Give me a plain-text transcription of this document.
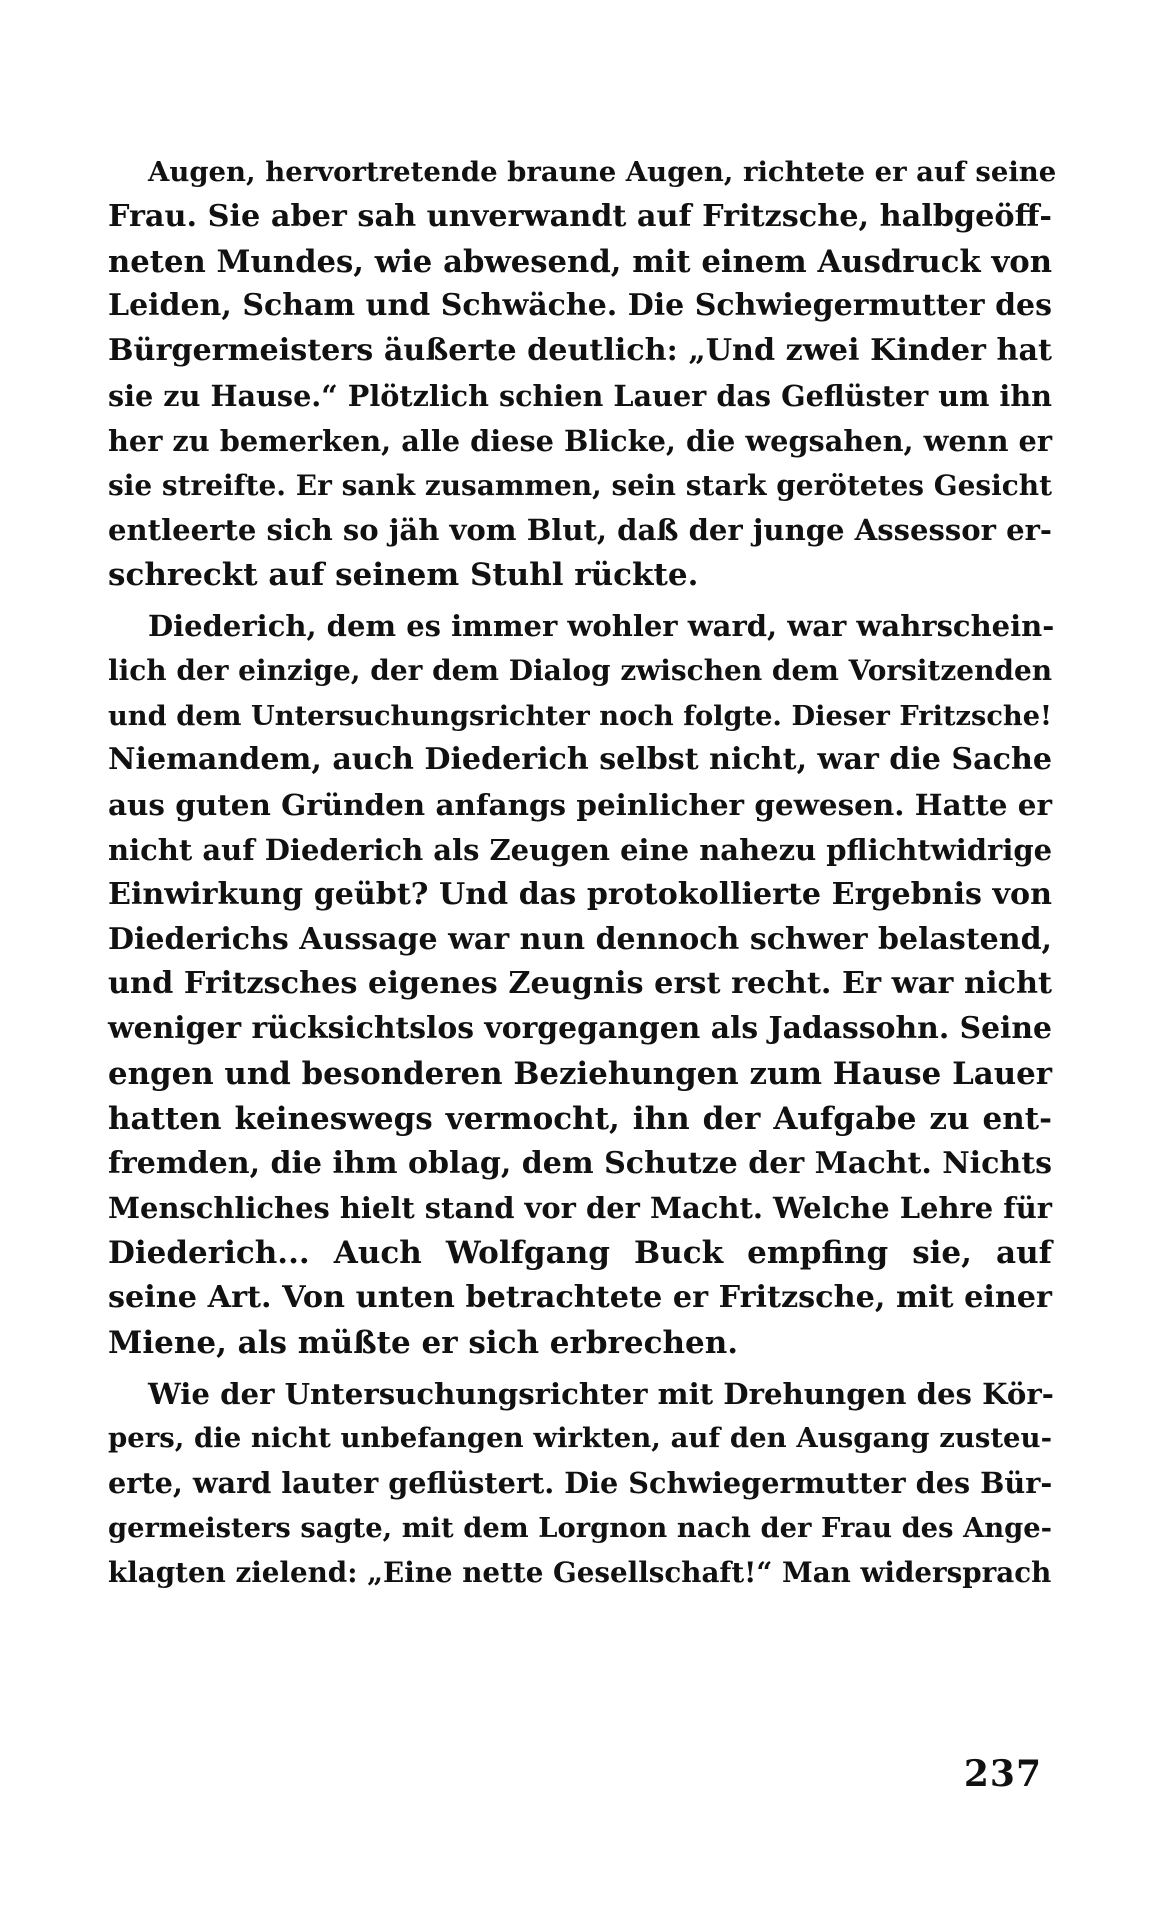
Augen, hervortretende braune Augen, richtete er auf seine
Frau. Sie aber sah unverwandt auf Fritzsche, halbgeöff-
neten Mundes, wie abwesend, mit einem Ausdruck von
Leiden, Scham und Schwäche. Die Schwiegermutter des
Bürgermeisters äußerte deutlich: „Und zwei Kinder hat
sie zu Hause.“ Plötzlich schien Lauer das Geflüster um ihn
her zu bemerken, alle diese Blicke, die wegsahen, wenn er
sie streifte. Er sank zusammen, sein stark gerötetes Gesicht
entleerte sich so jäh vom Blut, daß der junge Assessor er-
schreckt auf seinem Stuhl rückte.
Diederich, dem es immer wohler ward, war wahrschein-
lich der einzige, der dem Dialog zwischen dem Vorsitzenden
und dem Untersuchungsrichter noch folgte. Dieser Fritzsche!
Niemandem, auch Diederich selbst nicht, war die Sache
aus guten Gründen anfangs peinlicher gewesen. Hatte er
nicht auf Diederich als Zeugen eine nahezu pflichtwidrige
Einwirkung geübt? Und das protokollierte Ergebnis von
Diederichs Aussage war nun dennoch schwer belastend,
und Fritzsches eigenes Zeugnis erst recht. Er war nicht
weniger rücksichtslos vorgegangen als Jadassohn. Seine
engen und besonderen Beziehungen zum Hause Lauer
hatten keineswegs vermocht, ihn der Aufgabe zu ent-
fremden, die ihm oblag, dem Schutze der Macht. Nichts
Menschliches hielt stand vor der Macht. Welche Lehre für
Diederich... Auch Wolfgang Buck empfing sie, auf
seine Art. Von unten betrachtete er Fritzsche, mit einer
Miene, als müßte er sich erbrechen.
Wie der Untersuchungsrichter mit Drehungen des Kör-
pers, die nicht unbefangen wirkten, auf den Ausgang zusteu-
erte, ward lauter geflüstert. Die Schwiegermutter des Bür-
germeisters sagte, mit dem Lorgnon nach der Frau des Ange-
klagten zielend: „Eine nette Gesellschaft!“ Man widersprach
237
